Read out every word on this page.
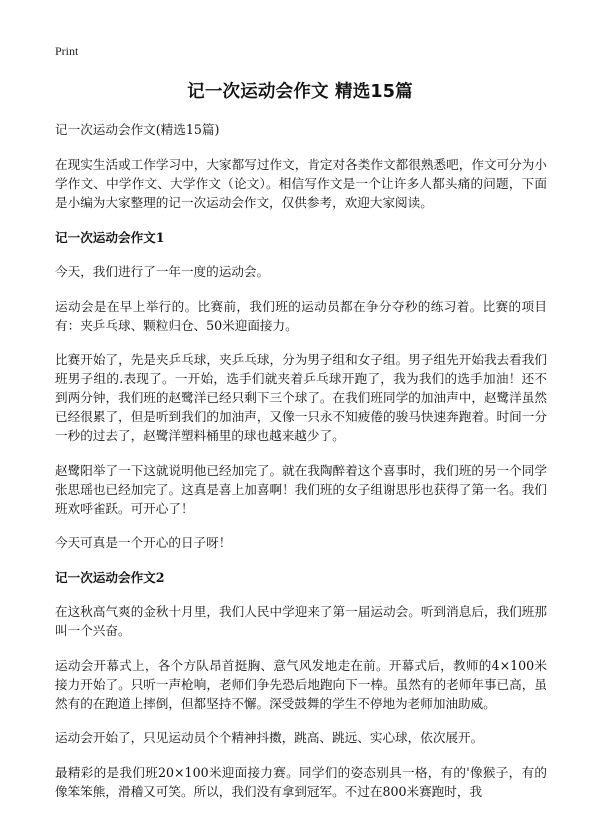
Print
记一次运动会作文 精选15篇

记一次运动会作文(精选15篇)

在现实生活或工作学习中，大家都写过作文，肯定对各类作文都很熟悉吧，作文可分为小学作文、中学作文、大学作文（论文）。相信写作文是一个让许多人都头痛的问题，下面是小编为大家整理的记一次运动会作文，仅供参考，欢迎大家阅读。

记一次运动会作文1

今天，我们进行了一年一度的运动会。

运动会是在早上举行的。比赛前，我们班的运动员都在争分夺秒的练习着。比赛的项目有：夹乒乓球、颗粒归仓、50米迎面接力。

比赛开始了，先是夹乒乓球，夹乒乓球，分为男子组和女子组。男子组先开始我去看我们班男子组的.表现了。一开始，选手们就夹着乒乓球开跑了，我为我们的选手加油！还不到两分钟，我们班的赵鹭洋已经只剩下三个球了。在我们班同学的加油声中，赵鹭洋虽然已经很累了，但是听到我们的加油声，又像一只永不知疲倦的骏马快速奔跑着。时间一分一秒的过去了，赵鹭洋塑料桶里的球也越来越少了。

赵鹭阳举了一下这就说明他已经加完了。就在我陶醉着这个喜事时，我们班的另一个同学张思瑶也已经加完了。这真是喜上加喜啊！我们班的女子组谢思彤也获得了第一名。我们班欢呼雀跃。可开心了！

今天可真是一个开心的日子呀！

记一次运动会作文2

在这秋高气爽的金秋十月里，我们人民中学迎来了第一届运动会。听到消息后，我们班那叫一个兴奋。

运动会开幕式上，各个方队昂首挺胸、意气风发地走在前。开幕式后，教师的4×100米接力开始了。只听一声枪响，老师们争先恐后地跑向下一棒。虽然有的老师年事已高，虽然有的在跑道上摔倒，但都坚持不懈。深受鼓舞的学生不停地为老师加油助威。

运动会开始了，只见运动员个个精神抖擞，跳高、跳远、实心球，依次展开。

最精彩的是我们班20×100米迎面接力赛。同学们的姿态别具一格，有的'像猴子，有的像笨笨熊，滑稽又可笑。所以，我们没有拿到冠军。不过在800米赛跑时，我
